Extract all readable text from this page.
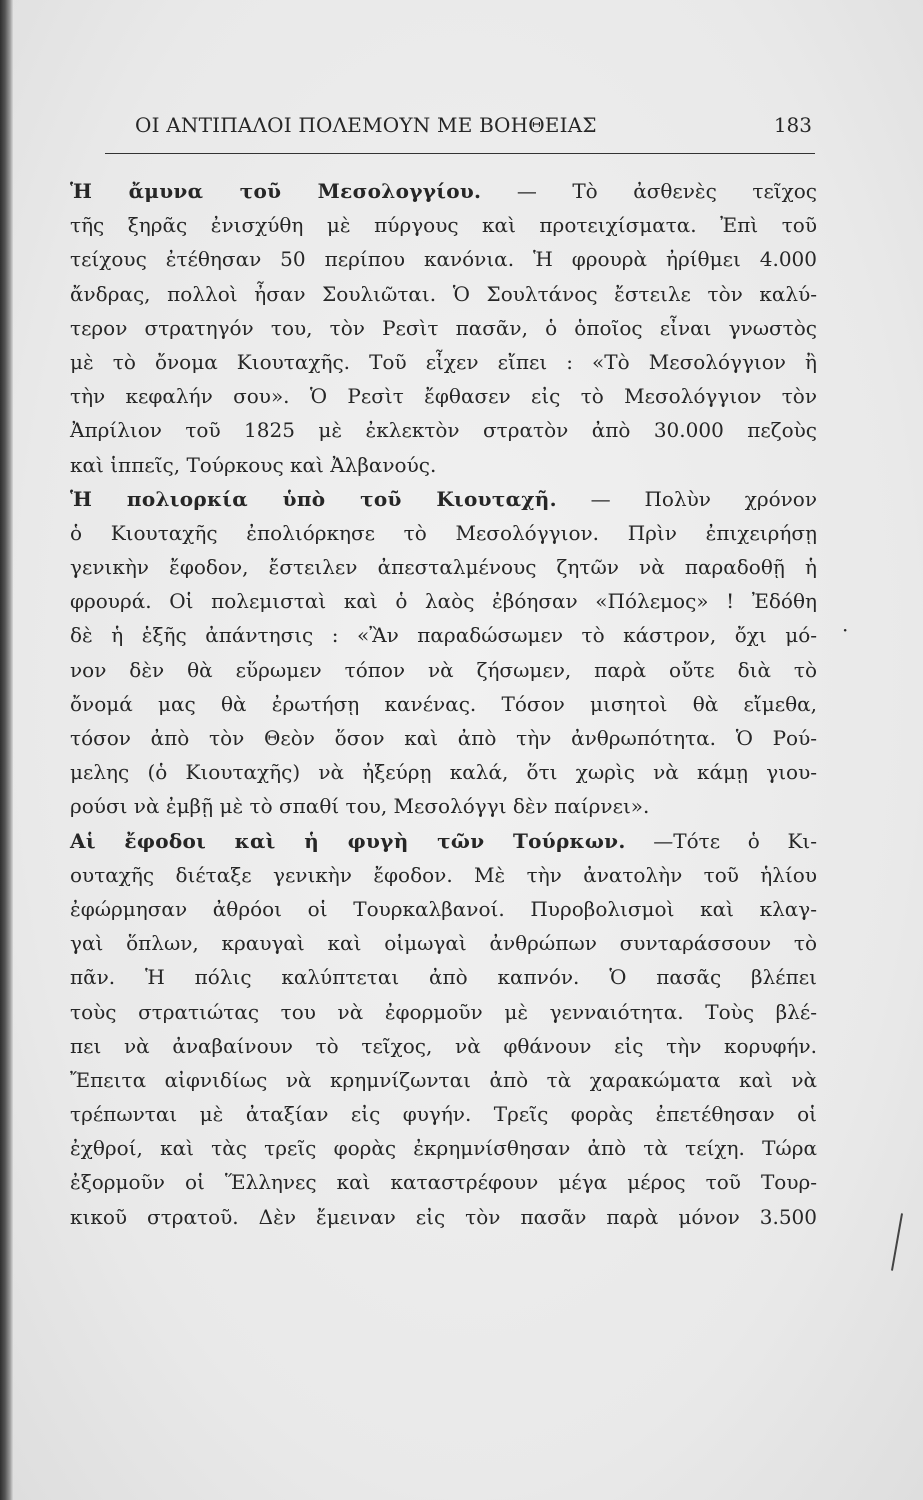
ΟΙ ΑΝΤΙΠΑΛΟΙ ΠΟΛΕΜΟΥΝ ΜΕ ΒΟΗΘΕΙΑΣ	183
Ἡ ἄμυνα τοῦ Μεσολογγίου. — Τὸ ἀσθενὲς τεῖχος
τῆς ξηρᾶς ἐνισχύθη μὲ πύργους καὶ προτειχίσματα. Ἐπὶ τοῦ
τείχους ἐτέθησαν 50 περίπου κανόνια. Ἡ φρουρὰ ἠρίθμει 4.000
ἄνδρας, πολλοὶ ἦσαν Σουλιῶται. Ὁ Σουλτάνος ἔστειλε τὸν καλύ-
τερον στρατηγόν του, τὸν Ρεσὶτ πασᾶν, ὁ ὁποῖος εἶναι γνωστὸς
μὲ τὸ ὄνομα Κιουταχῆς. Τοῦ εἶχεν εἴπει : «Τὸ Μεσολόγγιον ἢ
τὴν κεφαλήν σου». Ὁ Ρεσὶτ ἔφθασεν εἰς τὸ Μεσολόγγιον τὸν
Ἀπρίλιον τοῦ 1825 μὲ ἐκλεκτὸν στρατὸν ἀπὸ 30.000 πεζοὺς
καὶ ἱππεῖς, Τούρκους καὶ Ἀλβανούς.
Ἡ πολιορκία ὑπὸ τοῦ Κιουταχῆ. — Πολὺν χρόνον
ὁ Κιουταχῆς ἐπολιόρκησε τὸ Μεσολόγγιον. Πρὶν ἐπιχειρήσῃ
γενικὴν ἔφοδον, ἔστειλεν ἀπεσταλμένους ζητῶν νὰ παραδοθῇ ἡ
φρουρά. Οἱ πολεμισταὶ καὶ ὁ λαὸς ἐβόησαν «Πόλεμος» ! Ἐδόθη
δὲ ἡ ἑξῆς ἀπάντησις : «Ἂν παραδώσωμεν τὸ κάστρον, ὄχι μό-
νον δὲν θὰ εὕρωμεν τόπον νὰ ζήσωμεν, παρὰ οὔτε διὰ τὸ
ὄνομά μας θὰ ἐρωτήσῃ κανένας. Τόσον μισητοὶ θὰ εἴμεθα,
τόσον ἀπὸ τὸν Θεὸν ὅσον καὶ ἀπὸ τὴν ἀνθρωπότητα. Ὁ Ρού-
μελης (ὁ Κιουταχῆς) νὰ ἠξεύρῃ καλά, ὅτι χωρὶς νὰ κάμῃ γιου-
ρούσι νὰ ἐμβῇ μὲ τὸ σπαθί του, Μεσολόγγι δὲν παίρνει».
Αἱ ἔφοδοι καὶ ἡ φυγὴ τῶν Τούρκων. —Τότε ὁ Κι-
ουταχῆς διέταξε γενικὴν ἔφοδον. Μὲ τὴν ἀνατολὴν τοῦ ἡλίου
ἐφώρμησαν ἀθρόοι οἱ Τουρκαλβανοί. Πυροβολισμοὶ καὶ κλαγ-
γαὶ ὅπλων, κραυγαὶ καὶ οἰμωγαὶ ἀνθρώπων συνταράσσουν τὸ
πᾶν. Ἡ πόλις καλύπτεται ἀπὸ καπνόν. Ὁ πασᾶς βλέπει
τοὺς στρατιώτας του νὰ ἐφορμοῦν μὲ γενναιότητα. Τοὺς βλέ-
πει νὰ ἀναβαίνουν τὸ τεῖχος, νὰ φθάνουν εἰς τὴν κορυφήν.
Ἔπειτα αἰφνιδίως νὰ κρημνίζωνται ἀπὸ τὰ χαρακώματα καὶ νὰ
τρέπωνται μὲ ἀταξίαν εἰς φυγήν. Τρεῖς φορὰς ἐπετέθησαν οἱ
ἐχθροί, καὶ τὰς τρεῖς φορὰς ἐκρημνίσθησαν ἀπὸ τὰ τείχη. Τώρα
ἐξορμοῦν οἱ Ἕλληνες καὶ καταστρέφουν μέγα μέρος τοῦ Τουρ-
κικοῦ στρατοῦ. Δὲν ἔμειναν εἰς τὸν πασᾶν παρὰ μόνον 3.500
·
